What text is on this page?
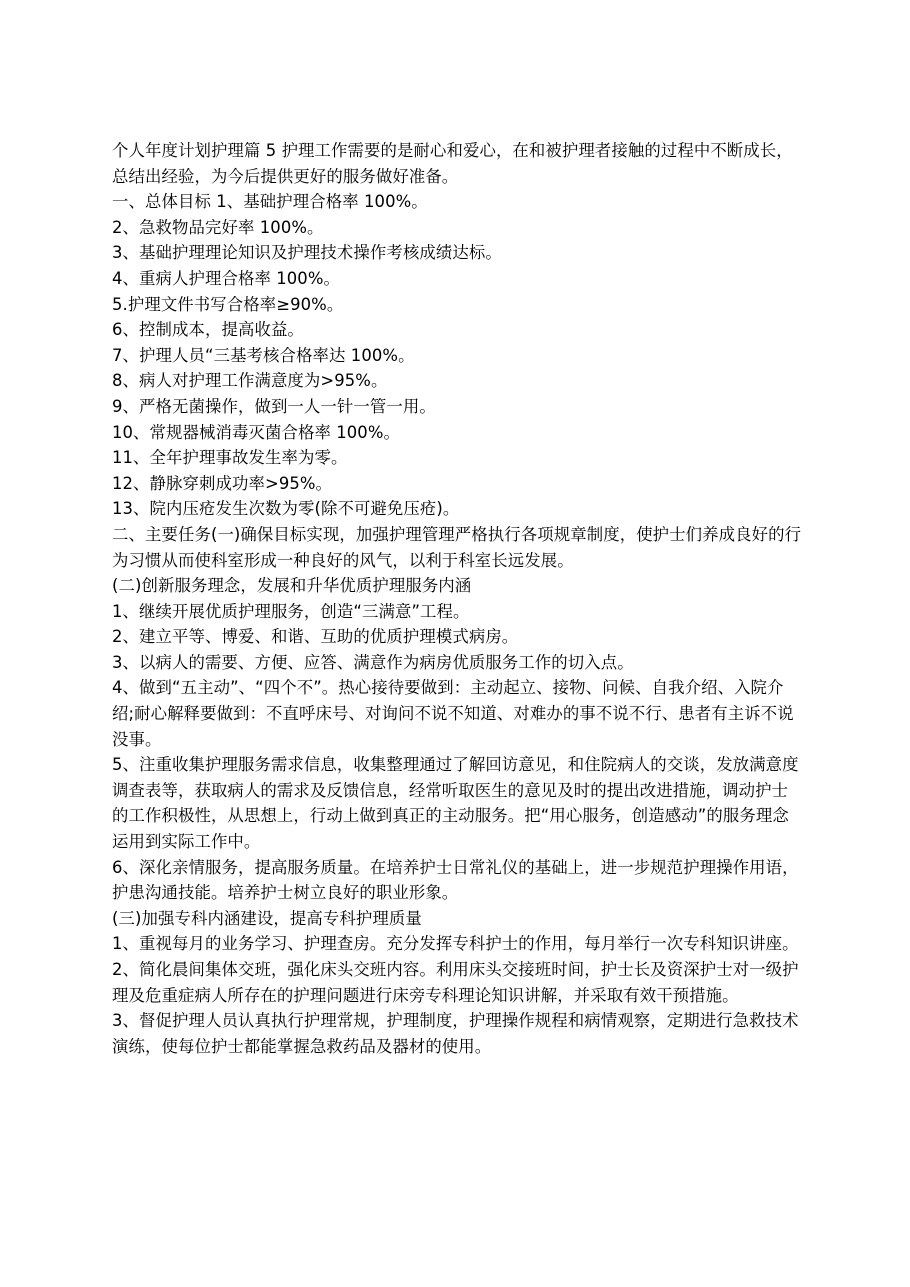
个人年度计划护理篇 5 护理工作需要的是耐心和爱心，在和被护理者接触的过程中不断成长，总结出经验，为今后提供更好的服务做好准备。

一、总体目标 1、基础护理合格率 100%。

2、急救物品完好率 100%。

3、基础护理理论知识及护理技术操作考核成绩达标。

4、重病人护理合格率 100%。

5.护理文件书写合格率≥90%。

6、控制成本，提高收益。

7、护理人员“三基考核合格率达 100%。

8、病人对护理工作满意度为>95%。

9、严格无菌操作，做到一人一针一管一用。

10、常规器械消毒灭菌合格率 100%。

11、全年护理事故发生率为零。

12、静脉穿刺成功率>95%。

13、院内压疮发生次数为零(除不可避免压疮)。

二、主要任务(一)确保目标实现，加强护理管理严格执行各项规章制度，使护士们养成良好的行为习惯从而使科室形成一种良好的风气，以利于科室长远发展。

(二)创新服务理念，发展和升华优质护理服务内涵

1、继续开展优质护理服务，创造“三满意”工程。

2、建立平等、博爱、和谐、互助的优质护理模式病房。

3、以病人的需要、方便、应答、满意作为病房优质服务工作的切入点。

4、做到“五主动”、“四个不”。热心接待要做到：主动起立、接物、问候、自我介绍、入院介绍;耐心解释要做到：不直呼床号、对询问不说不知道、对难办的事不说不行、患者有主诉不说没事。

5、注重收集护理服务需求信息，收集整理通过了解回访意见，和住院病人的交谈，发放满意度调查表等，获取病人的需求及反馈信息，经常听取医生的意见及时的提出改进措施，调动护士的工作积极性，从思想上，行动上做到真正的主动服务。把“用心服务，创造感动”的服务理念运用到实际工作中。

6、深化亲情服务，提高服务质量。在培养护士日常礼仪的基础上，进一步规范护理操作用语，护患沟通技能。培养护士树立良好的职业形象。

(三)加强专科内涵建设，提高专科护理质量

1、重视每月的业务学习、护理查房。充分发挥专科护士的作用，每月举行一次专科知识讲座。

2、简化晨间集体交班，强化床头交班内容。利用床头交接班时间，护士长及资深护士对一级护理及危重症病人所存在的护理问题进行床旁专科理论知识讲解，并采取有效干预措施。

3、督促护理人员认真执行护理常规，护理制度，护理操作规程和病情观察，定期进行急救技术演练，使每位护士都能掌握急救药品及器材的使用。
